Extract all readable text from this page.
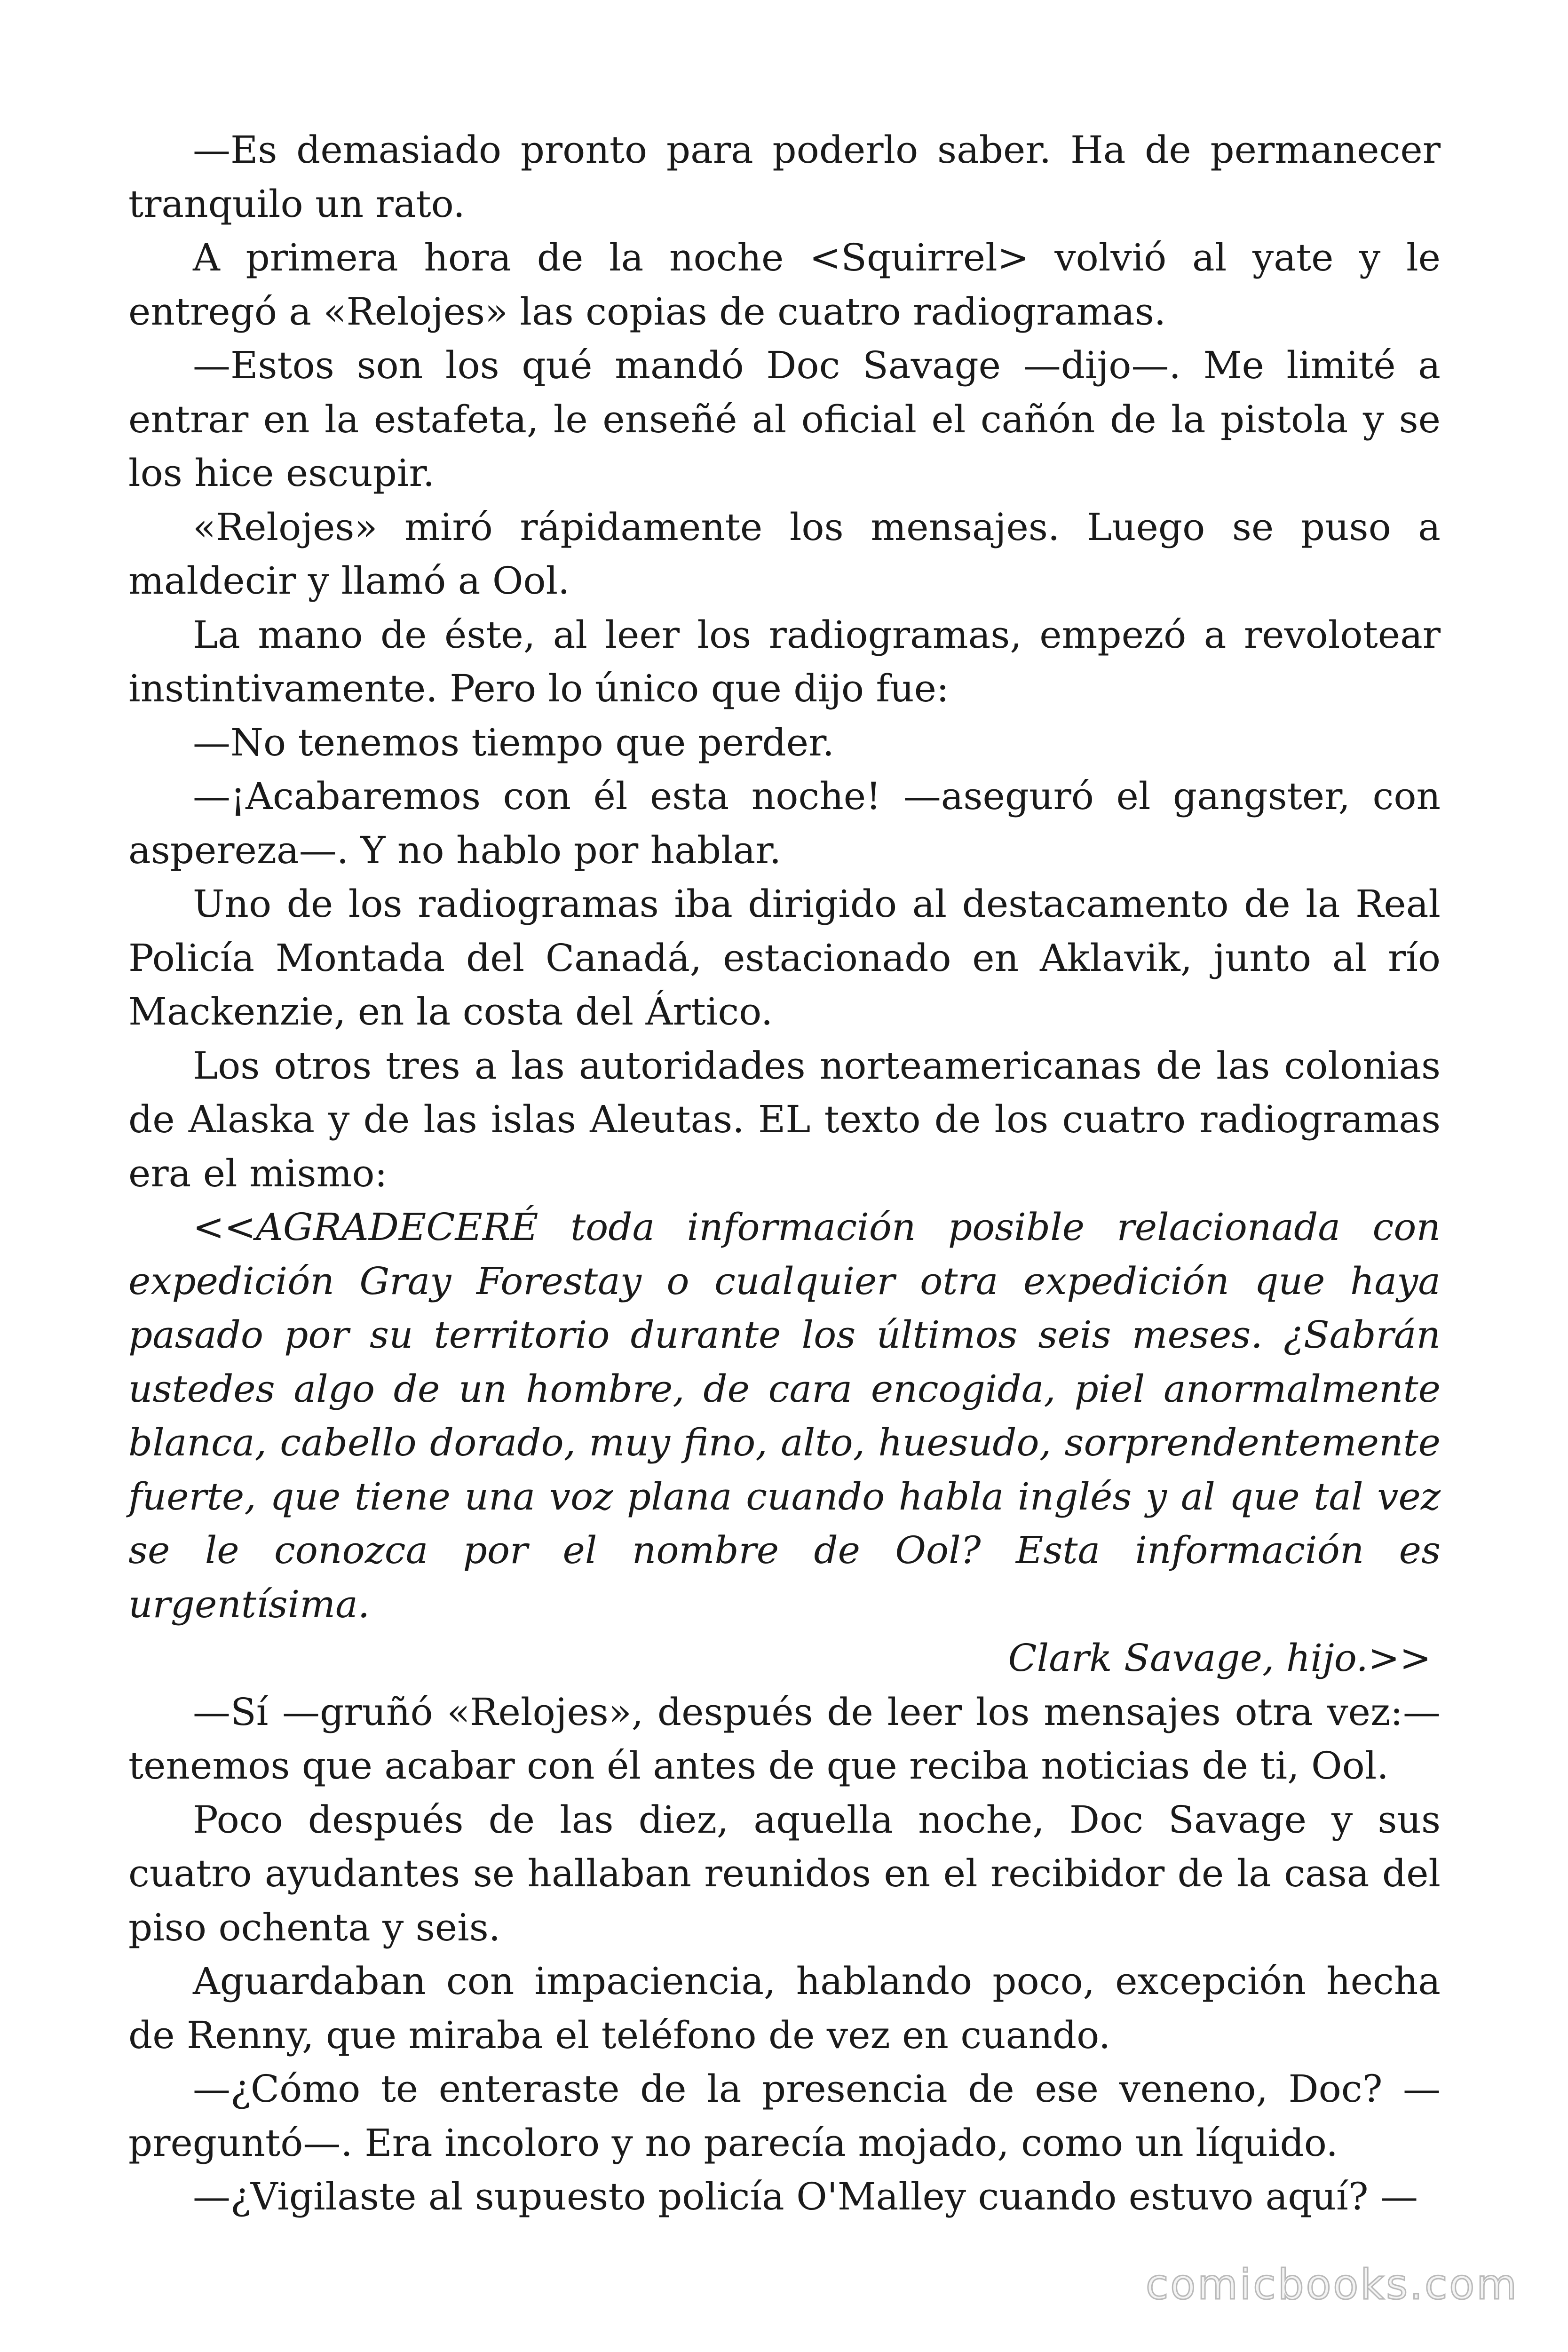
—Es demasiado pronto para poderlo saber. Ha de permanecer tranquilo un rato.

A primera hora de la noche <Squirrel> volvió al yate y le entregó a «Relojes» las copias de cuatro radiogramas.

—Estos son los qué mandó Doc Savage —dijo—. Me limité a entrar en la estafeta, le enseñé al oficial el cañón de la pistola y se los hice escupir.

«Relojes» miró rápidamente los mensajes. Luego se puso a maldecir y llamó a Ool.

La mano de éste, al leer los radiogramas, empezó a revolotear instintivamente. Pero lo único que dijo fue:

—No tenemos tiempo que perder.

—¡Acabaremos con él esta noche! —aseguró el gangster, con aspereza—. Y no hablo por hablar.

Uno de los radiogramas iba dirigido al destacamento de la Real Policía Montada del Canadá, estacionado en Aklavik, junto al río Mackenzie, en la costa del Ártico.

Los otros tres a las autoridades norteamericanas de las colonias de Alaska y de las islas Aleutas. EL texto de los cuatro radiogramas era el mismo:

<<AGRADECERÉ toda información posible relacionada con expedición Gray Forestay o cualquier otra expedición que haya pasado por su territorio durante los últimos seis meses. ¿Sabrán ustedes algo de un hombre, de cara encogida, piel anormalmente blanca, cabello dorado, muy fino, alto, huesudo, sorprendentemente fuerte, que tiene una voz plana cuando habla inglés y al que tal vez se le conozca por el nombre de Ool? Esta información es urgentísima.

Clark Savage, hijo.>>

—Sí —gruñó «Relojes», después de leer los mensajes otra vez:— tenemos que acabar con él antes de que reciba noticias de ti, Ool.

Poco después de las diez, aquella noche, Doc Savage y sus cuatro ayudantes se hallaban reunidos en el recibidor de la casa del piso ochenta y seis.

Aguardaban con impaciencia, hablando poco, excepción hecha de Renny, que miraba el teléfono de vez en cuando.

—¿Cómo te enteraste de la presencia de ese veneno, Doc? —preguntó—. Era incoloro y no parecía mojado, como un líquido.

—¿Vigilaste al supuesto policía O'Malley cuando estuvo aquí? —

comicbooks.com
